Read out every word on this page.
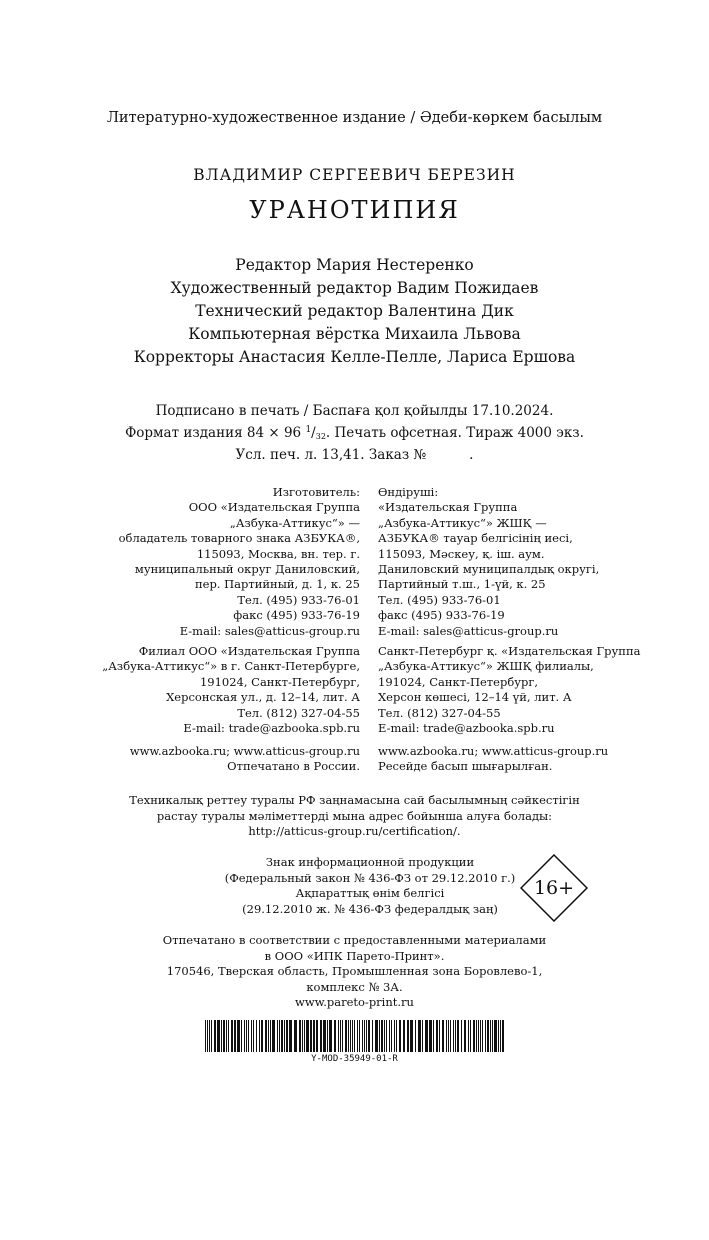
Литературно-художественное издание / Әдеби-көркем басылым
ВЛАДИМИР СЕРГЕЕВИЧ БЕРЕЗИН
УРАНОТИПИЯ
Редактор Мария Нестеренко
Художественный редактор Вадим Пожидаев
Технический редактор Валентина Дик
Компьютерная вёрстка Михаила Львова
Корректоры Анастасия Келле-Пелле, Лариса Ершова
Подписано в печать / Баспаға қол қойылды 17.10.2024.
Формат издания 84 × 96 $^1/_{32}$. Печать офсетная. Тираж 4000 экз.
Усл. печ. л. 13,41. Заказ №          .
Изготовитель:
ООО «Издательская Группа
„Азбука-Аттикус“» —
обладатель товарного знака АЗБУКА®,
115093, Москва, вн. тер. г.
муниципальный округ Даниловский,
пер. Партийный, д. 1, к. 25
Тел. (495) 933-76-01
факс (495) 933-76-19
E-mail: sales@atticus-group.ru
Өндіруші:
«Издательская Группа
„Азбука-Аттикус“» ЖШҚ —
АЗБУКА® тауар белгісінің иесі,
115093, Мәскеу, қ. іш. аум.
Даниловский муниципалдық округі,
Партийный т.ш., 1-үй, к. 25
Тел. (495) 933-76-01
факс (495) 933-76-19
E-mail: sales@atticus-group.ru
Филиал ООО «Издательская Группа
„Азбука-Аттикус“» в г. Санкт-Петербурге,
191024, Санкт-Петербург,
Херсонская ул., д. 12–14, лит. А
Тел. (812) 327-04-55
E-mail: trade@azbooka.spb.ru
Санкт-Петербург қ. «Издательская Группа
„Азбука-Аттикус“» ЖШҚ филиалы,
191024, Санкт-Петербург,
Херсон көшесі, 12–14 үй, лит. А
Тел. (812) 327-04-55
E-mail: trade@azbooka.spb.ru
www.azbooka.ru; www.atticus-group.ru
Отпечатано в России.
www.azbooka.ru; www.atticus-group.ru
Ресейде басып шығарылған.
Техникалық реттеу туралы РФ заңнамасына сай басылымның сәйкестігін
растау туралы мәліметтерді мына адрес бойынша алуға болады:
http://atticus-group.ru/certification/.
Знак информационной продукции
(Федеральный закон № 436-ФЗ от 29.12.2010 г.)
Ақпараттық өнім белгісі
(29.12.2010 ж. № 436-ФЗ федералдық заң)
16+
Отпечатано в соответствии с предоставленными материалами
в ООО «ИПК Парето-Принт».
170546, Тверская область, Промышленная зона Боровлево-1,
комплекс № 3А.
www.pareto-print.ru
Y-MOD-35949-01-R
